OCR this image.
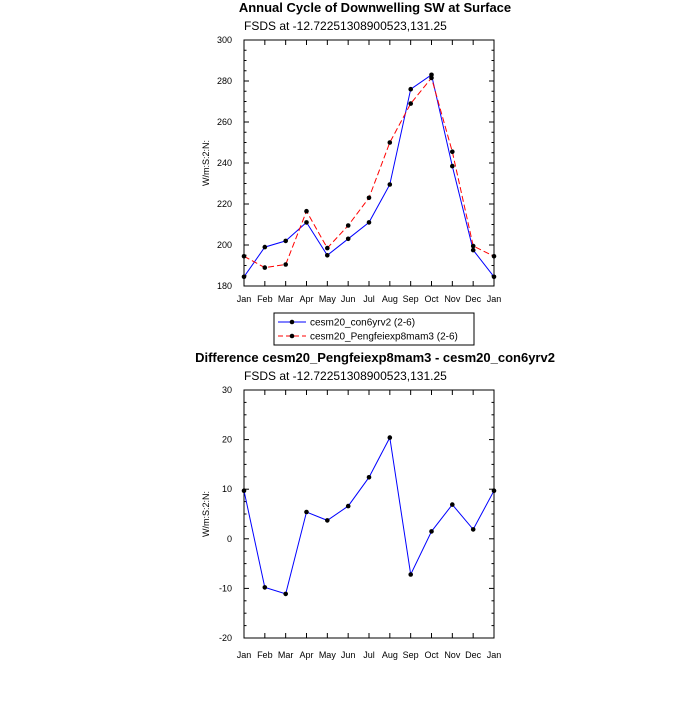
Annual Cycle of Downwelling SW at Surface
FSDS at -12.72251308900523,131.25
W/m:S:2:N:
180
200
220
240
260
280
300
Jan Feb Mar Apr May Jun Jul Aug Sep Oct Nov Dec Jan
cesm20_con6yrv2 (2-6)
cesm20_Pengfeiexp8mam3 (2-6)
Difference cesm20_Pengfeiexp8mam3 - cesm20_con6yrv2
FSDS at -12.72251308900523,131.25
W/m:S:2:N:
-20
-10
0
10
20
30
Jan Feb Mar Apr May Jun Jul Aug Sep Oct Nov Dec Jan
